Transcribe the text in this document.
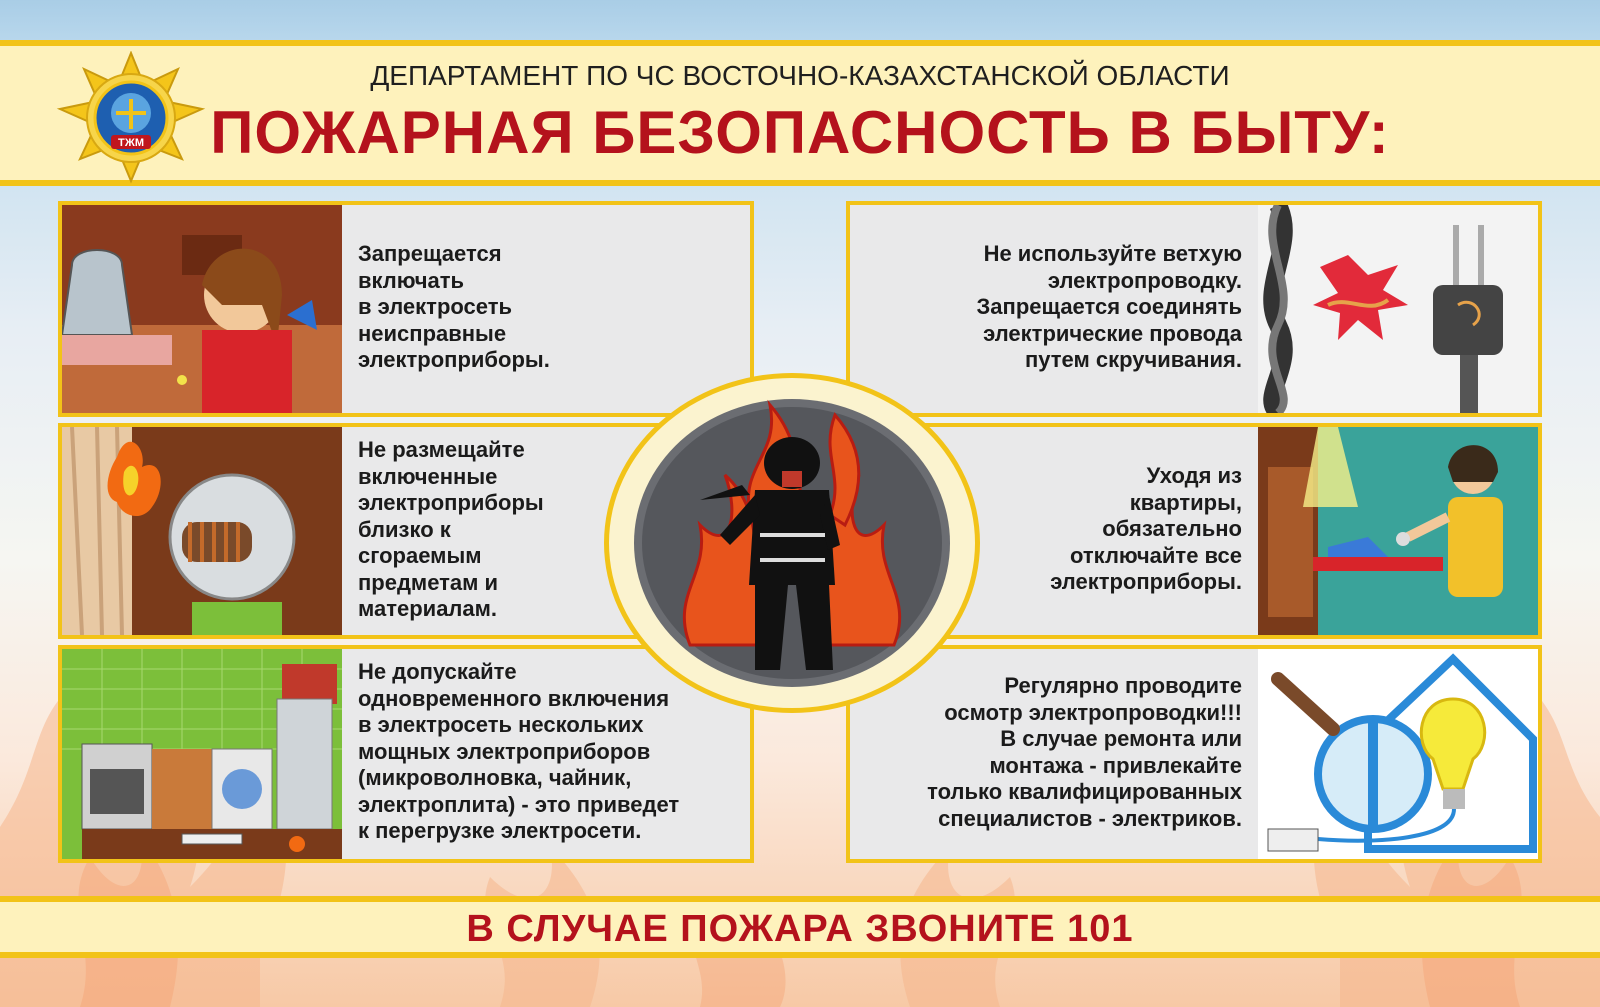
ТЖМ
ДЕПАРТАМЕНТ ПО ЧС ВОСТОЧНО-КАЗАХСТАНСКОЙ ОБЛАСТИ
ПОЖАРНАЯ БЕЗОПАСНОСТЬ В БЫТУ:
Запрещается
включать
в электросеть
неисправные
электроприборы.
Не используйте ветхую
электропроводку.
Запрещается соединять
электрические провода
путем скручивания.
Не размещайте
включенные
электроприборы
близко к
сгораемым
предметам и
материалам.
Уходя из
квартиры,
обязательно
отключайте все
электроприборы.
Не допускайте
одновременного включения
в электросеть нескольких
мощных электроприборов
(микроволновка, чайник,
электроплита) - это приведет
к перегрузке электросети.
Регулярно проводите
осмотр электропроводки!!!
В случае ремонта или
монтажа - привлекайте
только квалифицированных
специалистов - электриков.
В СЛУЧАЕ ПОЖАРА ЗВОНИТЕ 101
